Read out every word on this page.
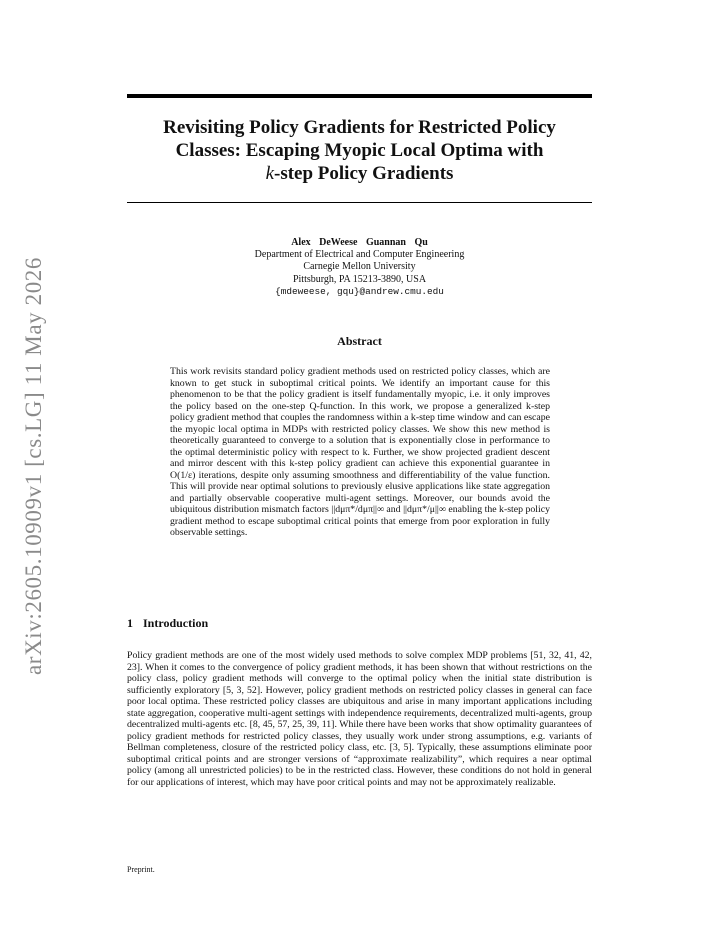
arXiv:2605.10909v1 [cs.LG] 11 May 2026
Revisiting Policy Gradients for Restricted Policy
Classes: Escaping Myopic Local Optima with
k-step Policy Gradients
Alex DeWeese Guannan Qu
Department of Electrical and Computer Engineering
Carnegie Mellon University
Pittsburgh, PA 15213-3890, USA
{mdeweese, gqu}@andrew.cmu.edu
Abstract
This work revisits standard policy gradient methods used on restricted policy classes, which are known to get stuck in suboptimal critical points. We identify an important cause for this phenomenon to be that the policy gradient is itself fundamentally myopic, i.e. it only improves the policy based on the one-step Q-function. In this work, we propose a generalized k-step policy gradient method that couples the randomness within a k-step time window and can escape the myopic local optima in MDPs with restricted policy classes. We show this new method is theoretically guaranteed to converge to a solution that is exponentially close in performance to the optimal deterministic policy with respect to k. Further, we show projected gradient descent and mirror descent with this k-step policy gradient can achieve this exponential guarantee in O(1/ε) iterations, despite only assuming smoothness and differentiability of the value function. This will provide near optimal solutions to previously elusive applications like state aggregation and partially observable cooperative multi-agent settings. Moreover, our bounds avoid the ubiquitous distribution mismatch factors ||dμπ*/dμπ||∞ and ||dμπ*/μ||∞ enabling the k-step policy gradient method to escape suboptimal critical points that emerge from poor exploration in fully observable settings.
1 Introduction
Policy gradient methods are one of the most widely used methods to solve complex MDP problems [51, 32, 41, 42, 23]. When it comes to the convergence of policy gradient methods, it has been shown that without restrictions on the policy class, policy gradient methods will converge to the optimal policy when the initial state distribution is sufficiently exploratory [5, 3, 52]. However, policy gradient methods on restricted policy classes in general can face poor local optima. These restricted policy classes are ubiquitous and arise in many important applications including state aggregation, cooperative multi-agent settings with independence requirements, decentralized multi-agents, group decentralized multi-agents etc. [8, 45, 57, 25, 39, 11]. While there have been works that show optimality guarantees of policy gradient methods for restricted policy classes, they usually work under strong assumptions, e.g. variants of Bellman completeness, closure of the restricted policy class, etc. [3, 5]. Typically, these assumptions eliminate poor suboptimal critical points and are stronger versions of “approximate realizability”, which requires a near optimal policy (among all unrestricted policies) to be in the restricted class. However, these conditions do not hold in general for our applications of interest, which may have poor critical points and may not be approximately realizable.
Preprint.
